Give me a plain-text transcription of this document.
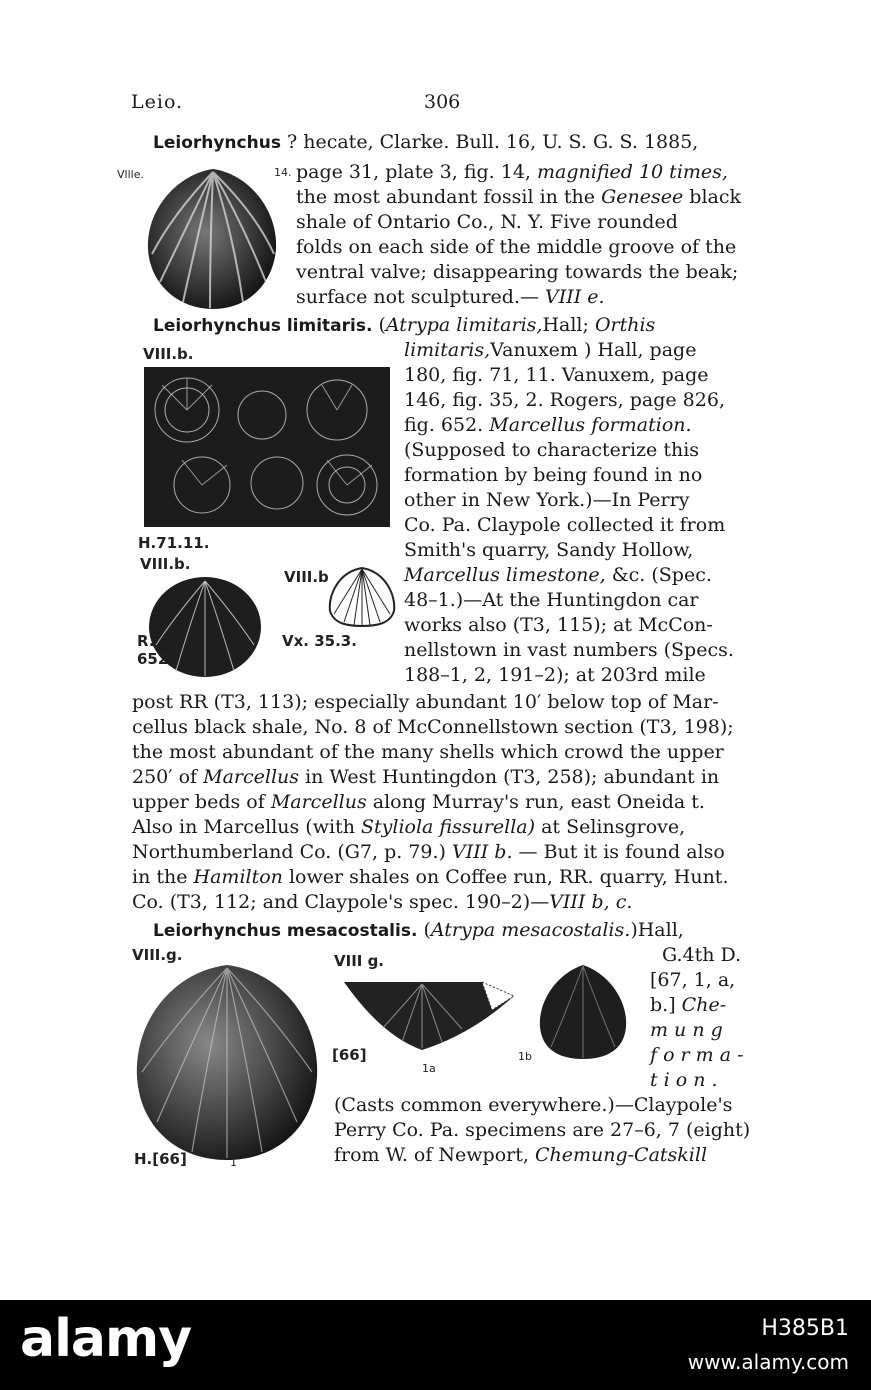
Leio.	306
Leiorhynchus ? hecate, Clarke. Bull. 16, U. S. G. S. 1885,
Vllle.	14. page 31, plate 3, fig. 14, magnified 10 times,
the most abundant fossil in the Genesee black
shale of Ontario Co., N. Y. Five rounded
folds on each side of the middle groove of the
ventral valve; disappearing towards the beak;
surface not sculptured.— VIII e.
Leiorhynchus limitaris. (Atrypa limitaris,Hall; Orthis
VIII.b.
H.71.11.
VIII.b.
R.
652.
VIII.b
Vx. 35.3.
limitaris,Vanuxem ) Hall, page
180, fig. 71, 11. Vanuxem, page
146, fig. 35, 2. Rogers, page 826,
fig. 652. Marcellus formation.
(Supposed to characterize this
formation by being found in no
other in New York.)—In Perry
Co. Pa. Claypole collected it from
Smith's quarry, Sandy Hollow,
Marcellus limestone, &c. (Spec.
48–1.)—At the Huntingdon car
works also (T3, 115); at McCon-
nellstown in vast numbers (Specs.
188–1, 2, 191–2); at 203rd mile
post RR (T3, 113); especially abundant 10′ below top of Mar-
cellus black shale, No. 8 of McConnellstown section (T3, 198);
the most abundant of the many shells which crowd the upper
250′ of Marcellus in West Huntingdon (T3, 258); abundant in
upper beds of Marcellus along Murray's run, east Oneida t.
Also in Marcellus (with Styliola fissurella) at Selinsgrove,
Northumberland Co. (G7, p. 79.) VIII b. — But it is found also
in the Hamilton lower shales on Coffee run, RR. quarry, Hunt.
Co. (T3, 112; and Claypole's spec. 190–2)—VIII b, c.
Leiorhynchus mesacostalis. (Atrypa mesacostalis.)Hall,
VIII.g.
H.[66]	1
VIII g.
[66]
1a
1b
G.4th D.
[67, 1, a,
b.] Che-
m u n g
f o r m a -
t i o n .
(Casts common everywhere.)—Claypole's
Perry Co. Pa. specimens are 27–6, 7 (eight)
from W. of Newport, Chemung-Catskill
alamy	H385B1
www.alamy.com
